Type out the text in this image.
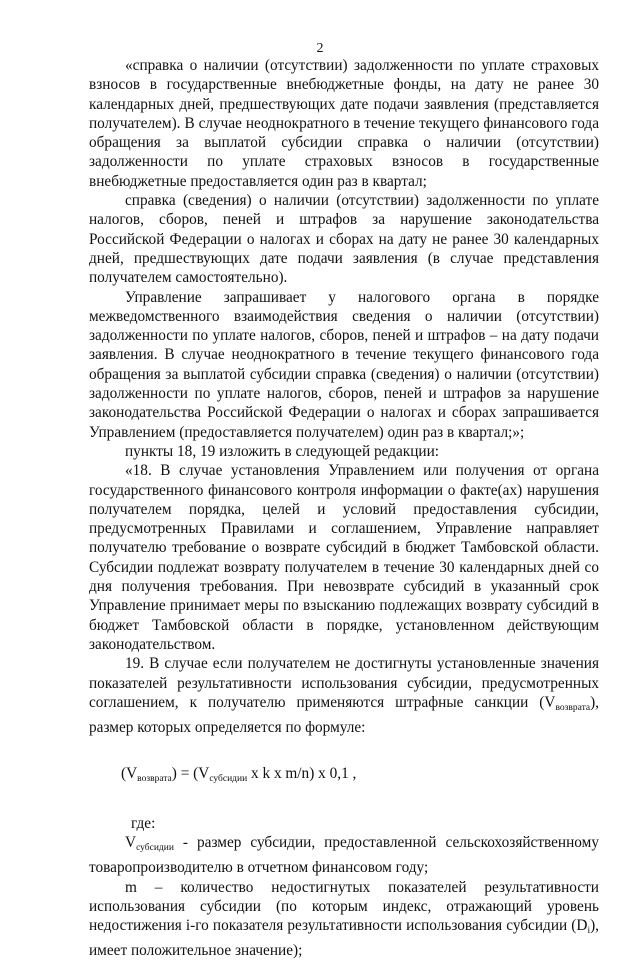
2

«справка о наличии (отсутствии) задолженности по уплате страховых взносов в государственные внебюджетные фонды, на дату не ранее 30 календарных дней, предшествующих дате подачи заявления (представляется получателем). В случае неоднократного в течение текущего финансового года обращения за выплатой субсидии справка о наличии (отсутствии) задолженности по уплате страховых взносов в государственные внебюджетные предоставляется один раз в квартал;

справка (сведения) о наличии (отсутствии) задолженности по уплате налогов, сборов, пеней и штрафов за нарушение законодательства Российской Федерации о налогах и сборах на дату не ранее 30 календарных дней, предшествующих дате подачи заявления (в случае представления получателем самостоятельно).

Управление запрашивает у налогового органа в порядке межведомственного взаимодействия сведения о наличии (отсутствии) задолженности по уплате налогов, сборов, пеней и штрафов – на дату подачи заявления. В случае неоднократного в течение текущего финансового года обращения за выплатой субсидии справка (сведения) о наличии (отсутствии) задолженности по уплате налогов, сборов, пеней и штрафов за нарушение законодательства Российской Федерации о налогах и сборах запрашивается Управлением (предоставляется получателем) один раз в квартал;»;

пункты 18, 19 изложить в следующей редакции:

«18. В случае установления Управлением или получения от органа государственного финансового контроля информации о факте(ах) нарушения получателем порядка, целей и условий предоставления субсидии, предусмотренных Правилами и соглашением, Управление направляет получателю требование о возврате субсидий в бюджет Тамбовской области. Субсидии подлежат возврату получателем в течение 30 календарных дней со дня получения требования. При невозврате субсидий в указанный срок Управление принимает меры по взысканию подлежащих возврату субсидий в бюджет Тамбовской области в порядке, установленном действующим законодательством.

19. В случае если получателем не достигнуты установленные значения показателей результативности использования субсидии, предусмотренных соглашением, к получателю применяются штрафные санкции $(V_{возврата})$, размер которых определяется по формуле:

$(V_{возврата}) = (V_{субсидии}$ x k x m/n) x 0,1 ,

где:

$V_{субсидии}$ - размер субсидии, предоставленной сельскохозяйственному товаропроизводителю в отчетном финансовом году;

m – количество недостигнутых показателей результативности использования субсидии (по которым индекс, отражающий уровень недостижения i-го показателя результативности использования субсидии $(D_i)$, имеет положительное значение);
